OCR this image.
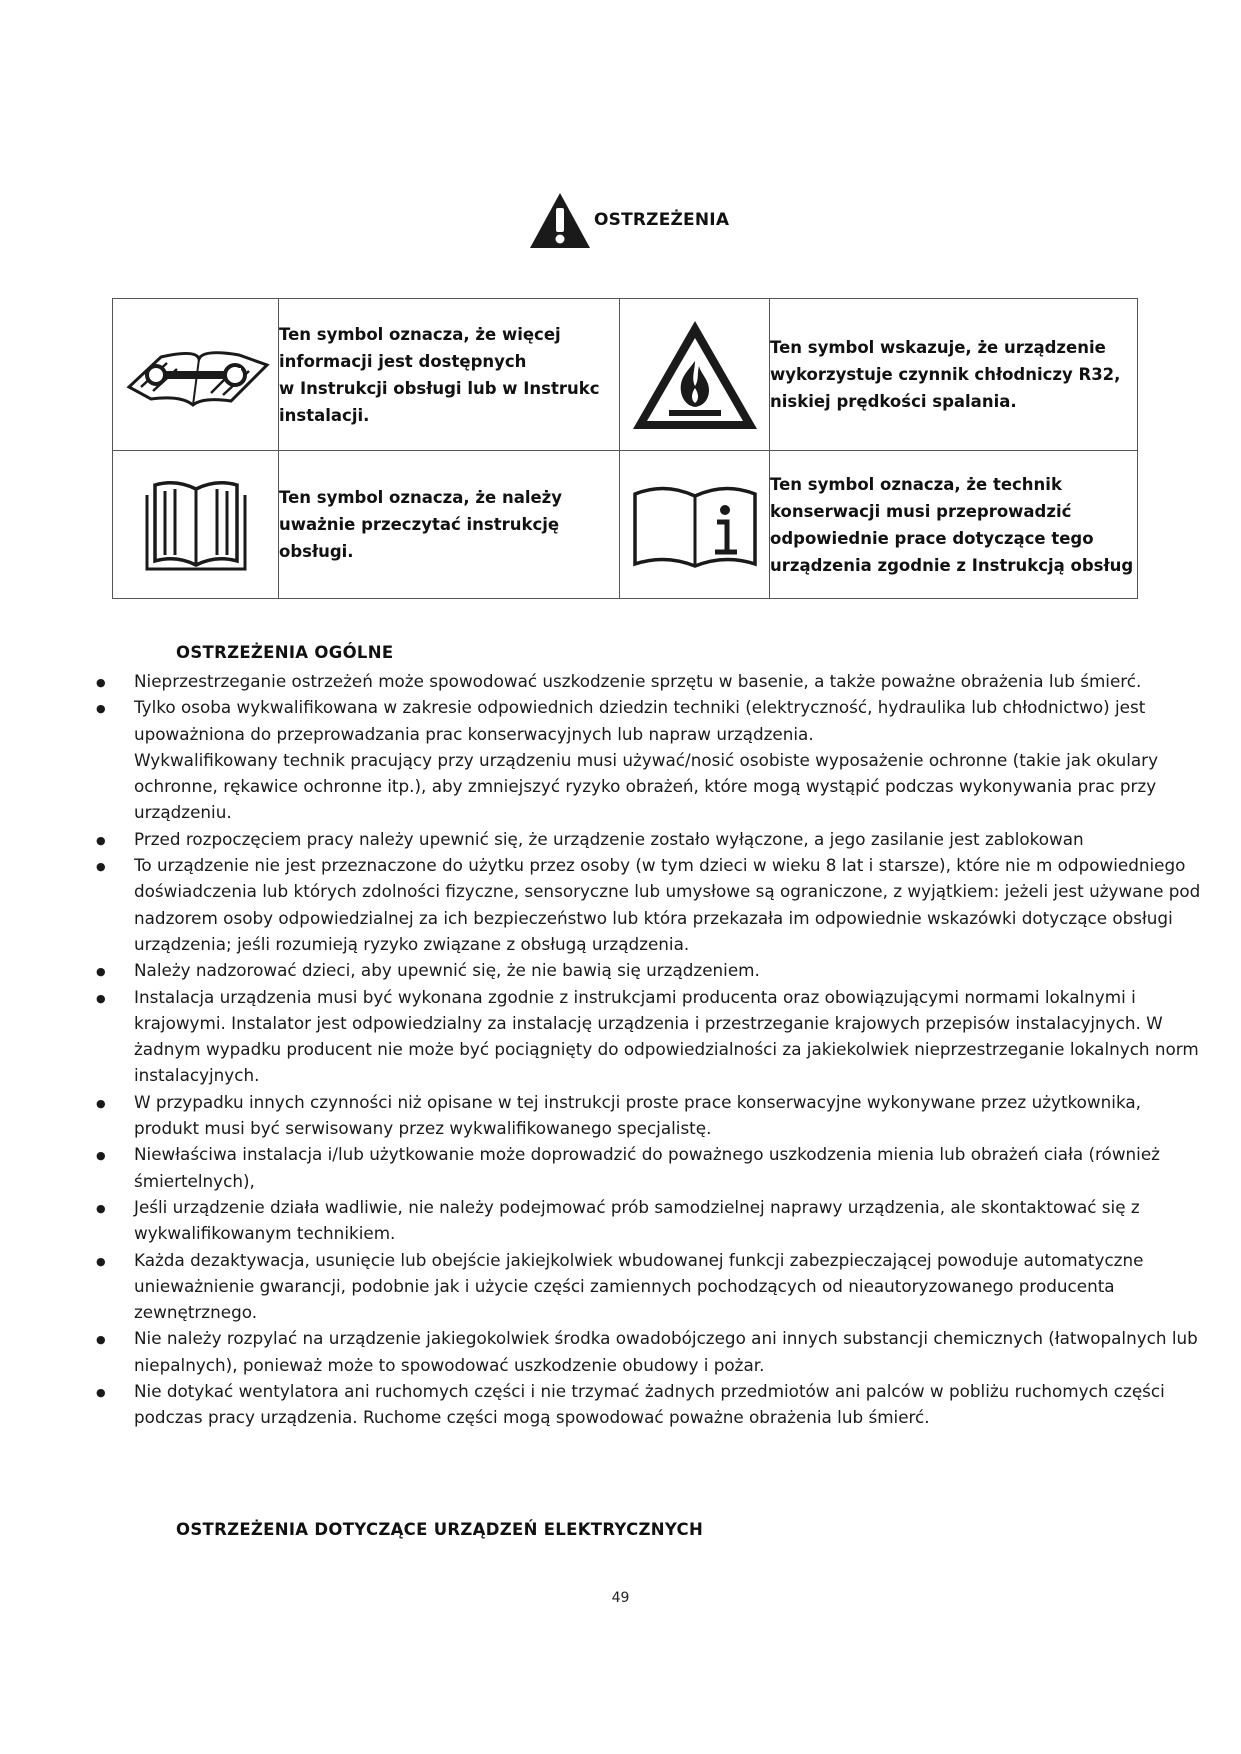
OSTRZEŻENIA

Ten symbol oznacza, że więcej
informacji jest dostępnych
w Instrukcji obsługi lub w Instrukc
instalacji.		Ten symbol wskazuje, że urządzenie
wykorzystuje czynnik chłodniczy R32,
niskiej prędkości spalania.

Ten symbol oznacza, że należy
uważnie przeczytać instrukcję
obsługi.		Ten symbol oznacza, że technik
konserwacji musi przeprowadzić
odpowiednie prace dotyczące tego
urządzenia zgodnie z Instrukcją obsług
OSTRZEŻENIA OGÓLNE
● Nieprzestrzeganie ostrzeżeń może spowodować uszkodzenie sprzętu w basenie, a także poważne obrażenia lub śmierć.
● Tylko osoba wykwalifikowana w zakresie odpowiednich dziedzin techniki (elektryczność, hydraulika lub chłodnictwo) jest upoważniona do przeprowadzania prac konserwacyjnych lub napraw urządzenia.
Wykwalifikowany technik pracujący przy urządzeniu musi używać/nosić osobiste wyposażenie ochronne (takie jak okulary ochronne, rękawice ochronne itp.), aby zmniejszyć ryzyko obrażeń, które mogą wystąpić podczas wykonywania prac przy urządzeniu.
● Przed rozpoczęciem pracy należy upewnić się, że urządzenie zostało wyłączone, a jego zasilanie jest zablokowan
● To urządzenie nie jest przeznaczone do użytku przez osoby (w tym dzieci w wieku 8 lat i starsze), które nie m odpowiedniego doświadczenia lub których zdolności fizyczne, sensoryczne lub umysłowe są ograniczone, z wyjątkiem: jeżeli jest używane pod nadzorem osoby odpowiedzialnej za ich bezpieczeństwo lub która przekazała im odpowiednie wskazówki dotyczące obsługi urządzenia; jeśli rozumieją ryzyko związane z obsługą urządzenia.
● Należy nadzorować dzieci, aby upewnić się, że nie bawią się urządzeniem.
● Instalacja urządzenia musi być wykonana zgodnie z instrukcjami producenta oraz obowiązującymi normami lokalnymi i krajowymi. Instalator jest odpowiedzialny za instalację urządzenia i przestrzeganie krajowych przepisów instalacyjnych. W żadnym wypadku producent nie może być pociągnięty do odpowiedzialności za jakiekolwiek nieprzestrzeganie lokalnych norm instalacyjnych.
● W przypadku innych czynności niż opisane w tej instrukcji proste prace konserwacyjne wykonywane przez użytkownika, produkt musi być serwisowany przez wykwalifikowanego specjalistę.
● Niewłaściwa instalacja i/lub użytkowanie może doprowadzić do poważnego uszkodzenia mienia lub obrażeń ciała (również śmiertelnych),
● Jeśli urządzenie działa wadliwie, nie należy podejmować prób samodzielnej naprawy urządzenia, ale skontaktować się z wykwalifikowanym technikiem.
● Każda dezaktywacja, usunięcie lub obejście jakiejkolwiek wbudowanej funkcji zabezpieczającej powoduje automatyczne unieważnienie gwarancji, podobnie jak i użycie części zamiennych pochodzących od nieautoryzowanego producenta zewnętrznego.
● Nie należy rozpylać na urządzenie jakiegokolwiek środka owadobójczego ani innych substancji chemicznych (łatwopalnych lub niepalnych), ponieważ może to spowodować uszkodzenie obudowy i pożar.
● Nie dotykać wentylatora ani ruchomych części i nie trzymać żadnych przedmiotów ani palców w pobliżu ruchomych części podczas pracy urządzenia. Ruchome części mogą spowodować poważne obrażenia lub śmierć.
OSTRZEŻENIA DOTYCZĄCE URZĄDZEŃ ELEKTRYCZNYCH
49
